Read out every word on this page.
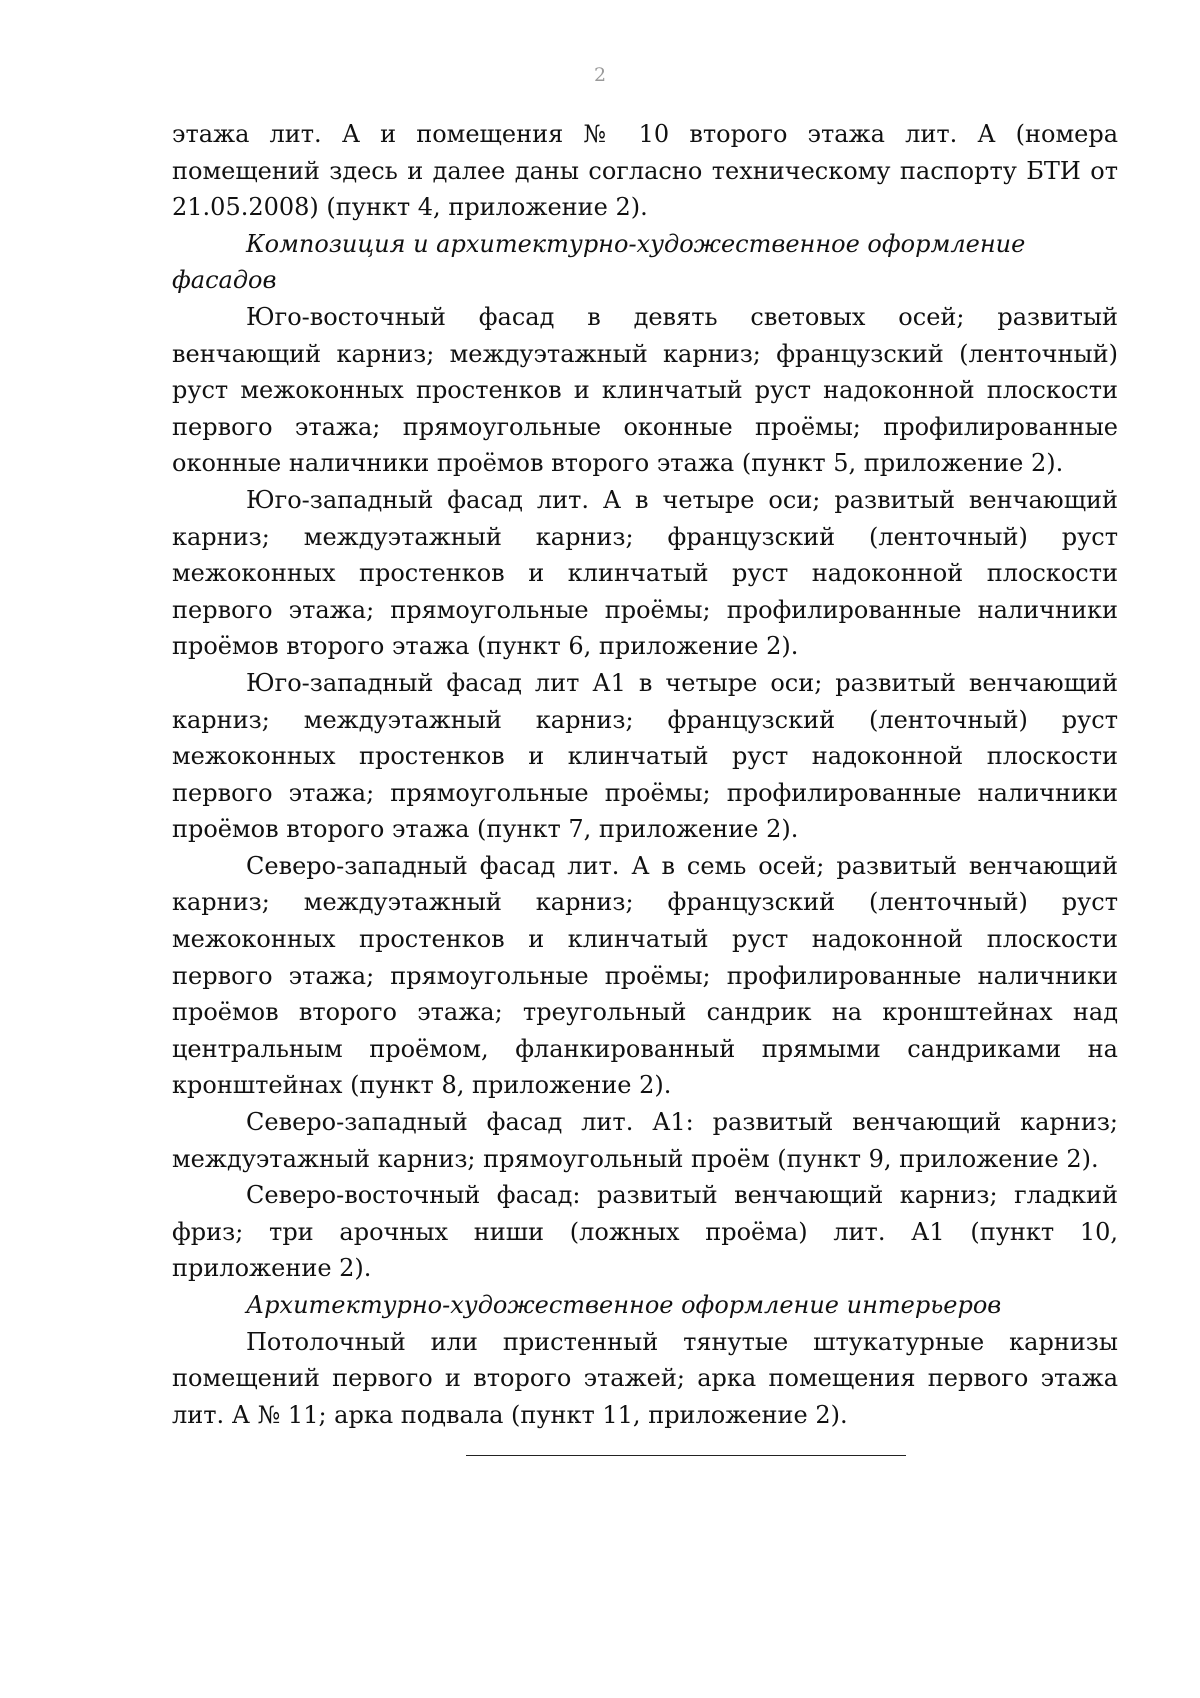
2

этажа лит. А и помещения № 10 второго этажа лит. А (номера помещений здесь и далее даны согласно техническому паспорту БТИ от 21.05.2008) (пункт 4, приложение 2).

Композиция и архитектурно-художественное оформление фасадов

Юго-восточный фасад в девять световых осей; развитый венчающий карниз; междуэтажный карниз; французский (ленточный) руст межоконных простенков и клинчатый руст надоконной плоскости первого этажа; прямоугольные оконные проёмы; профилированные оконные наличники проёмов второго этажа (пункт 5, приложение 2).

Юго-западный фасад лит. А в четыре оси; развитый венчающий карниз; междуэтажный карниз; французский (ленточный) руст межоконных простенков и клинчатый руст надоконной плоскости первого этажа; прямоугольные проёмы; профилированные наличники проёмов второго этажа (пункт 6, приложение 2).

Юго-западный фасад лит А1 в четыре оси; развитый венчающий карниз; междуэтажный карниз; французский (ленточный) руст межоконных простенков и клинчатый руст надоконной плоскости первого этажа; прямоугольные проёмы; профилированные наличники проёмов второго этажа (пункт 7, приложение 2).

Северо-западный фасад лит. А в семь осей; развитый венчающий карниз; междуэтажный карниз; французский (ленточный) руст межоконных простенков и клинчатый руст надоконной плоскости первого этажа; прямоугольные проёмы; профилированные наличники проёмов второго этажа; треугольный сандрик на кронштейнах над центральным проёмом, фланкированный прямыми сандриками на кронштейнах (пункт 8, приложение 2).

Северо-западный фасад лит. А1: развитый венчающий карниз; междуэтажный карниз; прямоугольный проём (пункт 9, приложение 2).

Северо-восточный фасад: развитый венчающий карниз; гладкий фриз; три арочных ниши (ложных проёма) лит. А1 (пункт 10, приложение 2).

Архитектурно-художественное оформление интерьеров

Потолочный или пристенный тянутые штукатурные карнизы помещений первого и второго этажей; арка помещения первого этажа лит. А № 11; арка подвала (пункт 11, приложение 2).
